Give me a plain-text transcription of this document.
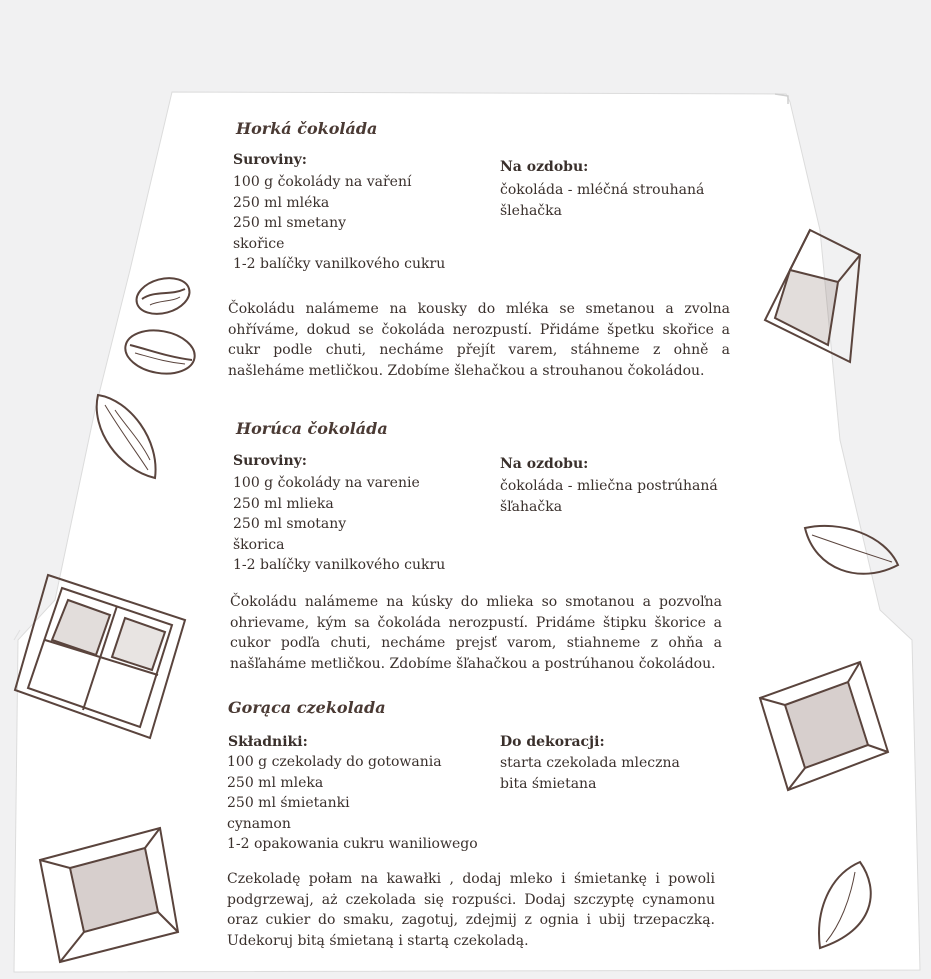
Horká čokoláda
Suroviny:
100 g čokolády na vaření
250 ml mléka
250 ml smetany
skořice
1-2 balíčky vanilkového cukru
Na ozdobu:
čokoláda - mléčná strouhaná
šlehačka

Čokoládu nalámeme na kousky do mléka se smetanou a zvolna ohříváme, dokud se čokoláda nerozpustí. Přidáme špetku skořice a cukr podle chuti, necháme přejít varem, stáhneme z ohně a našleháme metličkou. Zdobíme šlehačkou a strouhanou čokoládou.

Horúca čokoláda
Suroviny:
100 g čokolády na varenie
250 ml mlieka
250 ml smotany
škorica
1-2 balíčky vanilkového cukru
Na ozdobu:
čokoláda - mliečna postrúhaná
šľahačka

Čokoládu nalámeme na kúsky do mlieka so smotanou a pozvoľna ohrievame, kým sa čokoláda nerozpustí. Pridáme štipku škorice a cukor podľa chuti, necháme prejsť varom, stiahneme z ohňa a našľaháme metličkou. Zdobíme šľahačkou a postrúhanou čokoládou.

Gorąca czekolada
Składniki:
100 g czekolady do gotowania
250 ml mleka
250 ml śmietanki
cynamon
1-2 opakowania cukru waniliowego
Do dekoracji:
starta czekolada mleczna
bita śmietana

Czekoladę połam na kawałki , dodaj mleko i śmietankę i powoli podgrzewaj, aż czekolada się rozpuści. Dodaj szczyptę cynamonu oraz cukier do smaku, zagotuj, zdejmij z ognia i ubij trzepaczką. Udekoruj bitą śmietaną i startą czekoladą.
